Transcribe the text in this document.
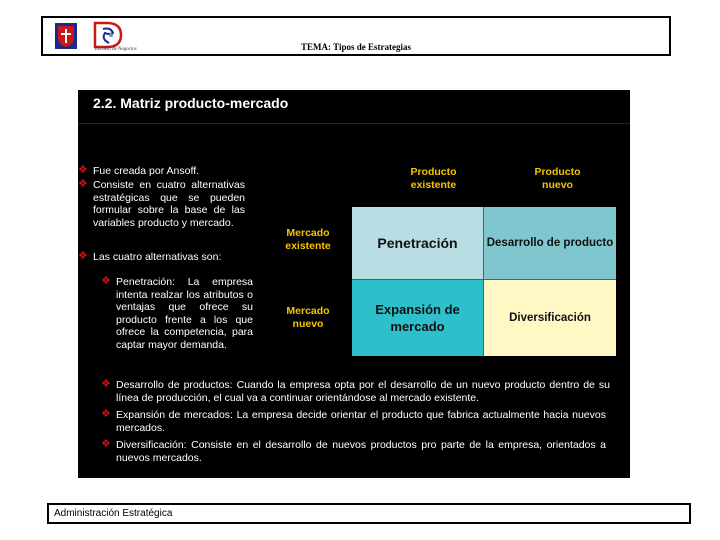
Escuela de Negocios	TEMA: Tipos de Estrategias
2.2. Matriz producto-mercado
❖ Fue creada por Ansoff.
❖ Consiste en cuatro alternativas estratégicas que se pueden formular sobre la base de las variables producto y mercado.
❖ Las cuatro alternativas son:
❖ Penetración: La empresa intenta realzar los atributos o ventajas que ofrece su producto frente a los que ofrece la competencia, para captar mayor demanda.
❖ Desarrollo de productos: Cuando la empresa opta por el desarrollo de un nuevo producto dentro de su línea de producción, el cual va a continuar orientándose al mercado existente.
❖ Expansión de mercados: La empresa decide orientar el producto que fabrica actualmente hacia nuevos mercados.
❖ Diversificación: Consiste en el desarrollo de nuevos productos pro parte de la empresa, orientados a nuevos mercados.
Producto existente
Producto nuevo
Mercado existente
Mercado nuevo
Penetración	Desarrollo de producto
Expansión de mercado
Diversificación
Administración Estratégica
